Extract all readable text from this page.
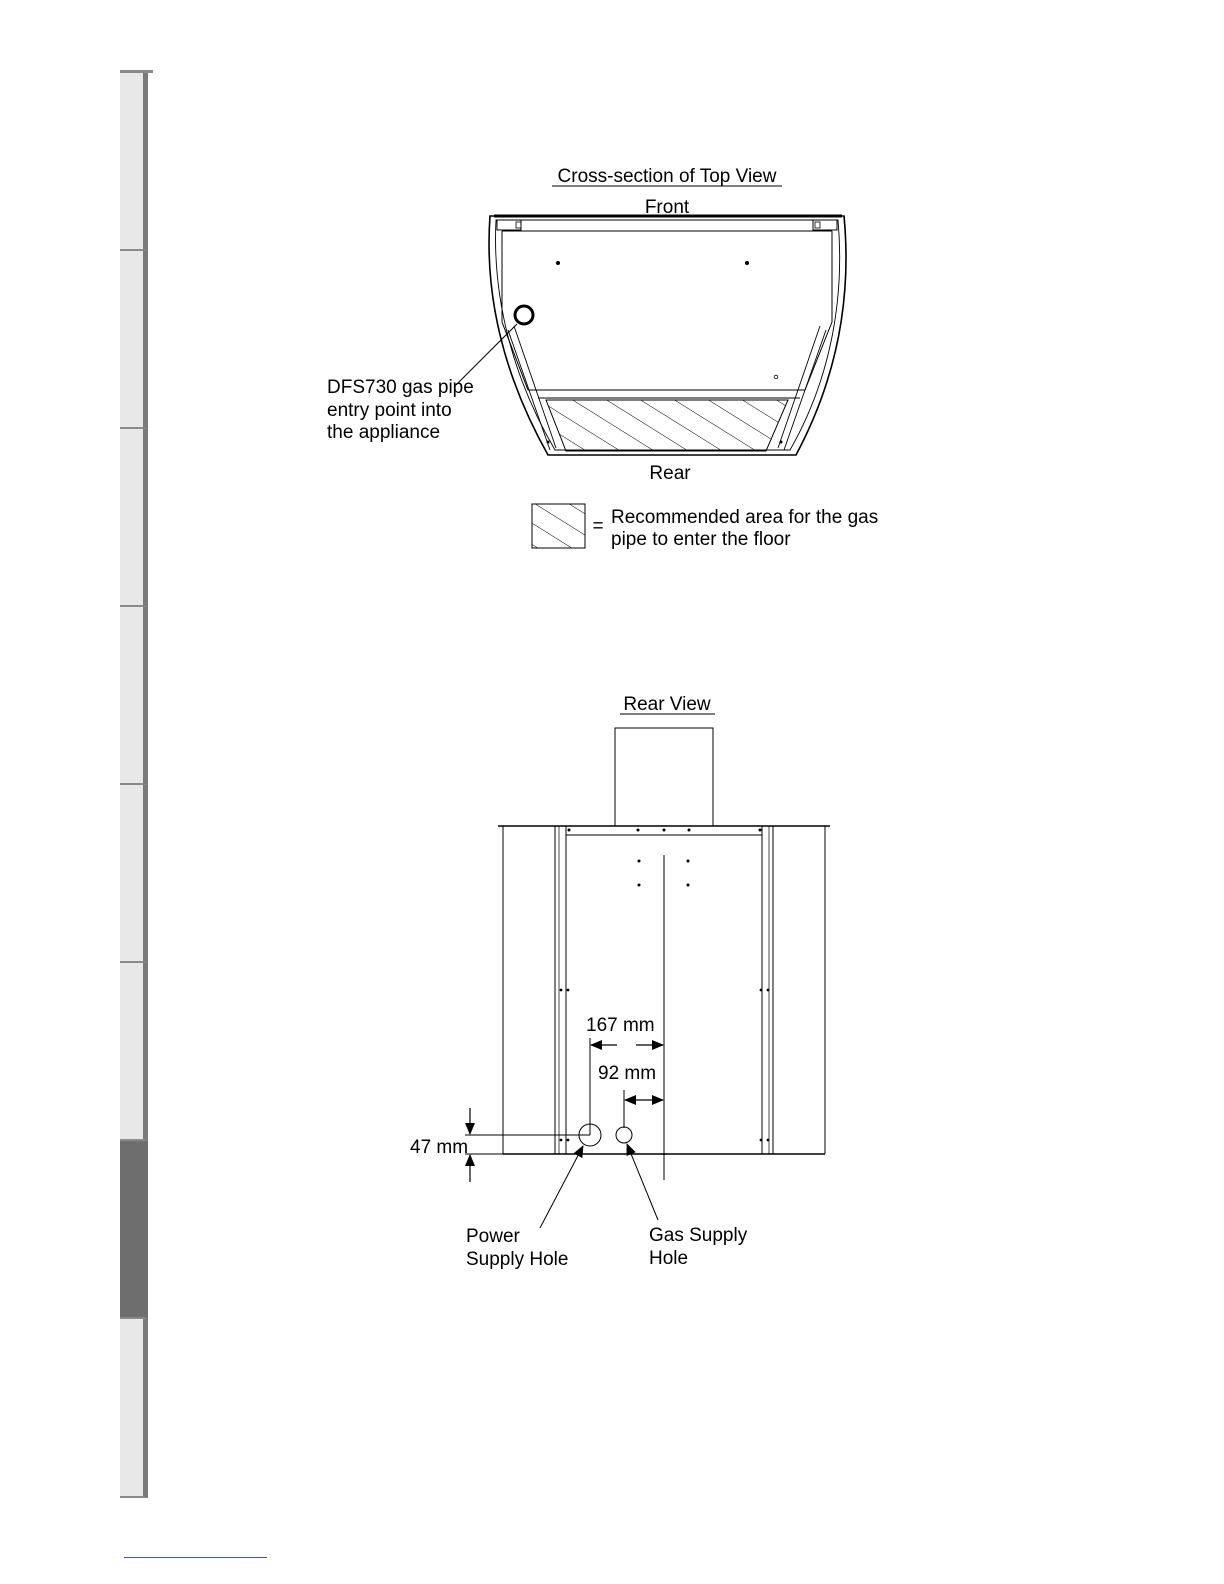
Cross-section of Top View
Front
DFS730 gas pipe
entry point into
the appliance
Rear
= Recommended area for the gas
pipe to enter the floor
Rear View
167 mm
92 mm
47 mm
Power
Supply Hole
Gas Supply
Hole
